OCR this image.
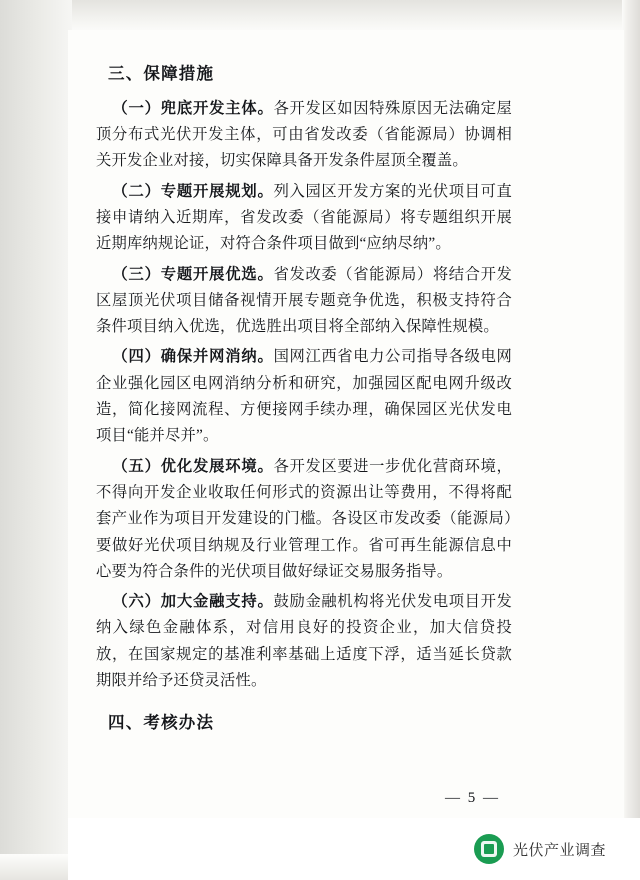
三、保障措施

（一）兜底开发主体。各开发区如因特殊原因无法确定屋顶分布式光伏开发主体，可由省发改委（省能源局）协调相关开发企业对接，切实保障具备开发条件屋顶全覆盖。

（二）专题开展规划。列入园区开发方案的光伏项目可直接申请纳入近期库，省发改委（省能源局）将专题组织开展近期库纳规论证，对符合条件项目做到“应纳尽纳”。

（三）专题开展优选。省发改委（省能源局）将结合开发区屋顶光伏项目储备视情开展专题竞争优选，积极支持符合条件项目纳入优选，优选胜出项目将全部纳入保障性规模。

（四）确保并网消纳。国网江西省电力公司指导各级电网企业强化园区电网消纳分析和研究，加强园区配电网升级改造，简化接网流程、方便接网手续办理，确保园区光伏发电项目“能并尽并”。

（五）优化发展环境。各开发区要进一步优化营商环境，不得向开发企业收取任何形式的资源出让等费用，不得将配套产业作为项目开发建设的门槛。各设区市发改委（能源局）要做好光伏项目纳规及行业管理工作。省可再生能源信息中心要为符合条件的光伏项目做好绿证交易服务指导。

（六）加大金融支持。鼓励金融机构将光伏发电项目开发纳入绿色金融体系，对信用良好的投资企业，加大信贷投放，在国家规定的基准利率基础上适度下浮，适当延长贷款期限并给予还贷灵活性。

四、考核办法
— 5 —
光伏产业调查
